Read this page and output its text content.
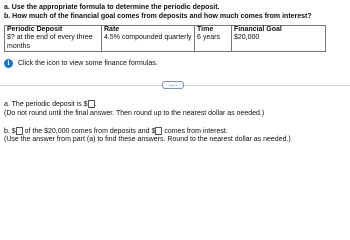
a. Use the appropriate formula to determine the periodic deposit.
b. How much of the financial goal comes from deposits and how much comes from interest?
Periodic Deposit	Rate	Time	Financial Goal
$? at the end of every three months	4.5% compounded quarterly	6 years	$20,000
i	Click the icon to view some finance formulas.
.....
a. The periodic deposit is $ .
(Do not round until the final answer. Then round up to the nearest dollar as needed.)
b. $ of the $20,000 comes from deposits and $ comes from interest.
(Use the answer from part (a) to find these answers. Round to the nearest dollar as needed.)
